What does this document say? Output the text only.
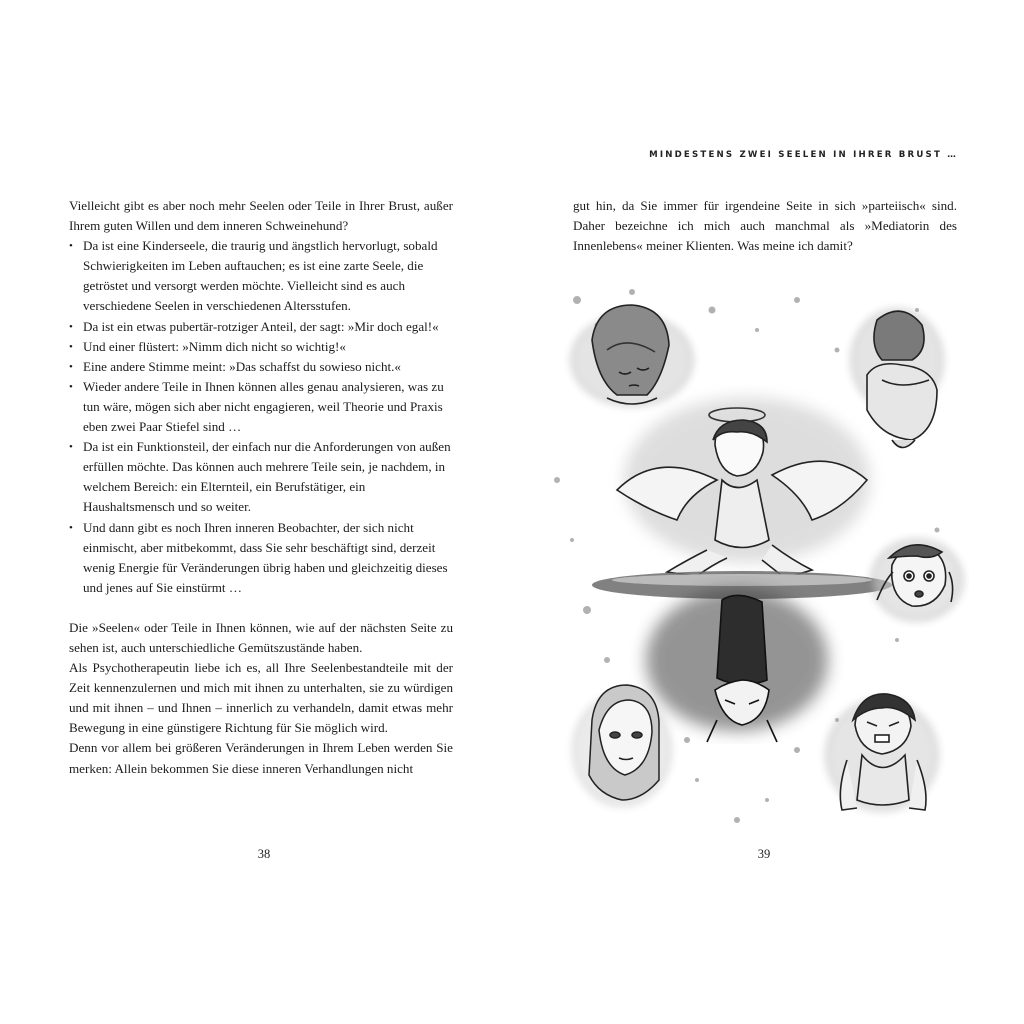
Vielleicht gibt es aber noch mehr Seelen oder Teile in Ihrer Brust, außer Ihrem guten Willen und dem inneren Schweinehund?

• Da ist eine Kinderseele, die traurig und ängstlich hervorlugt, sobald Schwierigkeiten im Leben auftauchen; es ist eine zarte Seele, die getröstet und versorgt werden möchte. Vielleicht sind es auch verschiedene Seelen in verschiedenen Altersstufen.
• Da ist ein etwas pubertär-rotziger Anteil, der sagt: »Mir doch egal!«
• Und einer flüstert: »Nimm dich nicht so wichtig!«
• Eine andere Stimme meint: »Das schaffst du sowieso nicht.«
• Wieder andere Teile in Ihnen können alles genau analysieren, was zu tun wäre, mögen sich aber nicht engagieren, weil Theorie und Praxis eben zwei Paar Stiefel sind …
• Da ist ein Funktionsteil, der einfach nur die Anforderungen von außen erfüllen möchte. Das können auch mehrere Teile sein, je nachdem, in welchem Bereich: ein Elternteil, ein Berufstätiger, ein Haushaltsmensch und so weiter.
• Und dann gibt es noch Ihren inneren Beobachter, der sich nicht einmischt, aber mitbekommt, dass Sie sehr beschäftigt sind, derzeit wenig Energie für Veränderungen übrig haben und gleichzeitig dieses und jenes auf Sie einstürmt …

Die »Seelen« oder Teile in Ihnen können, wie auf der nächsten Seite zu sehen ist, auch unterschiedliche Gemütszustände haben.

Als Psychotherapeutin liebe ich es, all Ihre Seelenbestandteile mit der Zeit kennenzulernen und mich mit ihnen zu unterhalten, sie zu würdigen und mit ihnen – und Ihnen – innerlich zu verhandeln, damit etwas mehr Bewegung in eine günstigere Richtung für Sie möglich wird.

Denn vor allem bei größeren Veränderungen in Ihrem Leben werden Sie merken: Allein bekommen Sie diese inneren Verhandlungen nicht

38
MINDESTENS ZWEI SEELEN IN IHRER BRUST …

gut hin, da Sie immer für irgendeine Seite in sich »parteiisch« sind. Daher bezeichne ich mich auch manchmal als »Mediatorin des Innenlebens« meiner Klienten. Was meine ich damit?

39
